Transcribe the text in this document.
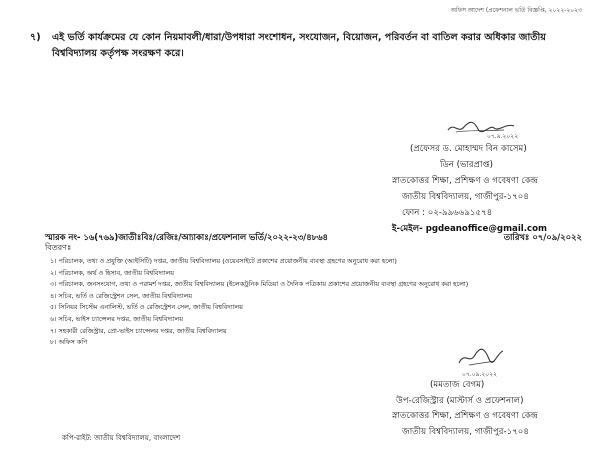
অফিস আদেশ (প্রফেশনাল ভর্তি বিজ্ঞপ্তি, ২০২২-২০২৩
৭)	এই ভর্তি কার্যক্রমের যে কোন নিয়মাবলী/ধারা/উপধারা সংশোধন, সংযোজন, বিয়োজন, পরিবর্তন বা বাতিল করার অধিকার জাতীয় বিশ্ববিদ্যালয় কর্তৃপক্ষ সংরক্ষণ করে।
০৭.৯.২০২২
(প্রফেসর ড. মোহাম্মদ বিন কাসেম)
ডিন (ভারপ্রাপ্ত)
স্নাতকোত্তর শিক্ষা, প্রশিক্ষণ ও গবেষণা কেন্দ্র
জাতীয় বিশ্ববিদ্যালয়, গাজীপুর-১৭০৪
ফোন : ০২-৯৯৬৬৯১৫৭৪
ই-মেইল- pgdeanoffice@gmail.com
স্মারক নং- ১৬(৭৬৯)জাতীঃবিঃ/রেজিঃ/আ্যাকাঃ/প্রফেশনাল ভর্তি/২০২২-২৩/৪৮৬৪	তারিখঃ ০৭/০৯/২০২২
বিতরণঃ
১। পরিচালক, তথ্য ও প্রযুক্তি (আইসিটি) দপ্তর, জাতীয় বিশ্ববিদ্যালয় (ওয়েবসাইটে প্রকাশের প্রয়োজনীয় ব্যবস্থা গ্রহণের অনুরোধ করা হলো)
২। পরিচালক, অর্থ ও হিসাব, জাতীয় বিশ্ববিদ্যালয়
৩। পরিচালক, জনসংযোগ, তথ্য ও পরামর্শ দপ্তর, জাতীয় বিশ্ববিদ্যালয় (ইলেকট্রনিক মিডিয়া ও দৈনিক পত্রিকায় প্রকাশের প্রয়োজনীয় ব্যবস্থা গ্রহণের অনুরোধ করা হলো)
৪। সচিব, ভর্তি ও রেজিস্ট্রেশন সেল, জাতীয় বিশ্ববিদ্যালয়
৫। সিনিয়র সিস্টেম এনালিস্ট, ভর্তি ও রেজিস্ট্রেশন সেল, জাতীয় বিশ্ববিদ্যালয়
৬। সচিব, ভাইস চ্যান্সেলর দপ্তর, জাতীয় বিশ্ববিদ্যালয়
৭। সহকারী রেজিস্ট্রার, প্রো-ভাইস চ্যান্সেলর দপ্তর, জাতীয় বিশ্ববিদ্যালয়
৮। অফিস কপি
০৭.০৯.২০২২
(মমতাজ বেগম)
উপ-রেজিস্ট্রার (মাস্টার্স ও প্রফেশনাল)
স্নাতকোত্তর শিক্ষা, প্রশিক্ষণ ও গবেষণা কেন্দ্র
জাতীয় বিশ্ববিদ্যালয়, গাজীপুর-১৭০৪
কপি-রাইট: জাতীয় বিশ্ববিদ্যালয়, বাংলাদেশ
